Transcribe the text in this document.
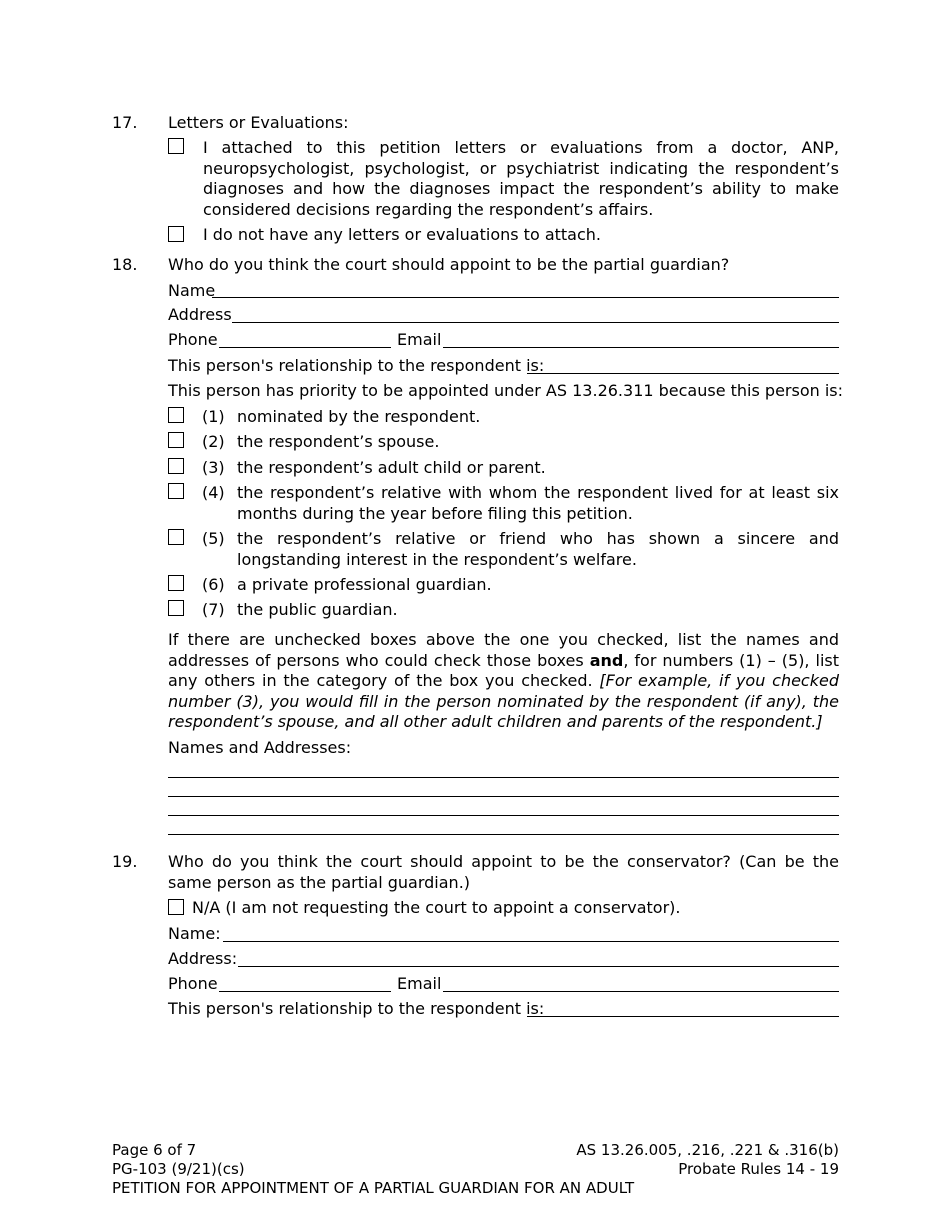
17. Letters or Evaluations:
I attached to this petition letters or evaluations from a doctor, ANP, neuropsychologist, psychologist, or psychiatrist indicating the respondent’s diagnoses and how the diagnoses impact the respondent’s ability to make considered decisions regarding the respondent’s affairs.
I do not have any letters or evaluations to attach.
18. Who do you think the court should appoint to be the partial guardian?
Name
Address
Phone	Email
This person's relationship to the respondent is:
This person has priority to be appointed under AS 13.26.311 because this person is:
(1) nominated by the respondent.
(2) the respondent’s spouse.
(3) the respondent’s adult child or parent.
(4) the respondent’s relative with whom the respondent lived for at least six months during the year before filing this petition.
(5) the respondent’s relative or friend who has shown a sincere and longstanding interest in the respondent’s welfare.
(6) a private professional guardian.
(7) the public guardian.
If there are unchecked boxes above the one you checked, list the names and addresses of persons who could check those boxes and, for numbers (1) – (5), list any others in the category of the box you checked. [For example, if you checked number (3), you would fill in the person nominated by the respondent (if any), the respondent’s spouse, and all other adult children and parents of the respondent.]
Names and Addresses:
19. Who do you think the court should appoint to be the conservator? (Can be the same person as the partial guardian.)
N/A (I am not requesting the court to appoint a conservator).
Name:
Address:
Phone	Email
This person's relationship to the respondent is:
Page 6 of 7
PG-103 (9/21)(cs)
PETITION FOR APPOINTMENT OF A PARTIAL GUARDIAN FOR AN ADULT
AS 13.26.005, .216, .221 & .316(b)
Probate Rules 14 - 19
